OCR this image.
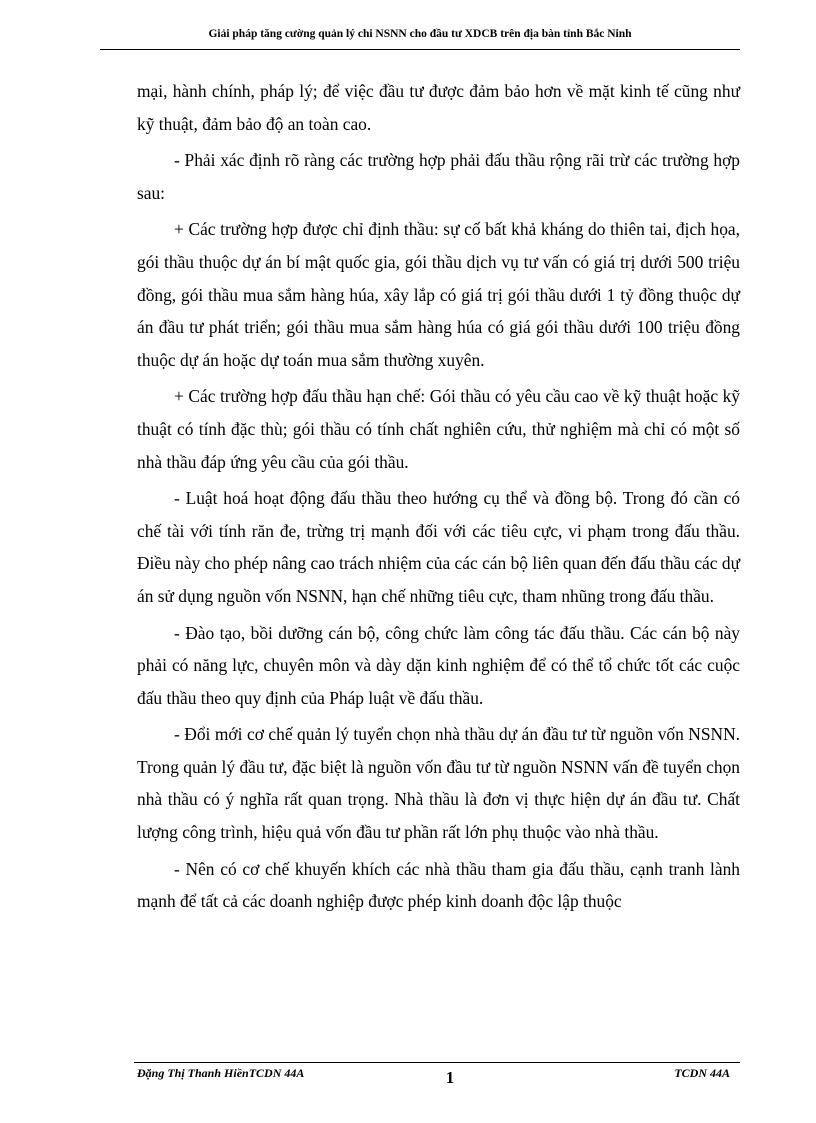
Giải pháp tăng cường quản lý chi NSNN cho đầu tư XDCB trên địa bàn tỉnh Bắc Ninh

mại, hành chính, pháp lý; để việc đầu tư được đảm bảo hơn về mặt kinh tế cũng như kỹ thuật, đảm bảo độ an toàn cao.

- Phải xác định rõ ràng các trường hợp phải đấu thầu rộng rãi trừ các trường hợp sau:

+ Các trường hợp được chỉ định thầu: sự cố bất khả kháng do thiên tai, địch họa, gói thầu thuộc dự án bí mật quốc gia, gói thầu dịch vụ tư vấn có giá trị dưới 500 triệu đồng, gói thầu mua sắm hàng húa, xây lắp có giá trị gói thầu dưới 1 tỷ đồng thuộc dự án đầu tư phát triển; gói thầu mua sắm hàng húa có giá gói thầu dưới 100 triệu đồng thuộc dự án hoặc dự toán mua sắm thường xuyên.

+ Các trường hợp đấu thầu hạn chế: Gói thầu có yêu cầu cao về kỹ thuật hoặc kỹ thuật có tính đặc thù; gói thầu có tính chất nghiên cứu, thử nghiệm mà chỉ có một số nhà thầu đáp ứng yêu cầu của gói thầu.

- Luật hoá hoạt động đấu thầu theo hướng cụ thể và đồng bộ. Trong đó cần có chế tài với tính răn đe, trừng trị mạnh đối với các tiêu cực, vi phạm trong đấu thầu. Điều này cho phép nâng cao trách nhiệm của các cán bộ liên quan đến đấu thầu các dự án sử dụng nguồn vốn NSNN, hạn chế những tiêu cực, tham nhũng trong đấu thầu.

- Đào tạo, bồi dưỡng cán bộ, công chức làm công tác đấu thầu. Các cán bộ này phải có năng lực, chuyên môn và dày dặn kinh nghiệm để có thể tổ chức tốt các cuộc đấu thầu theo quy định của Pháp luật về đấu thầu.

- Đổi mới cơ chế quản lý tuyển chọn nhà thầu dự án đầu tư từ nguồn vốn NSNN. Trong quản lý đầu tư, đặc biệt là nguồn vốn đầu tư từ nguồn NSNN vấn đề tuyển chọn nhà thầu có ý nghĩa rất quan trọng. Nhà thầu là đơn vị thực hiện dự án đầu tư. Chất lượng công trình, hiệu quả vốn đầu tư phần rất lớn phụ thuộc vào nhà thầu.

- Nên có cơ chế khuyến khích các nhà thầu tham gia đấu thầu, cạnh tranh lành mạnh để tất cả các doanh nghiệp được phép kinh doanh độc lập thuộc

Đặng Thị Thanh HiềnTCDN 44A	1	TCDN 44A
